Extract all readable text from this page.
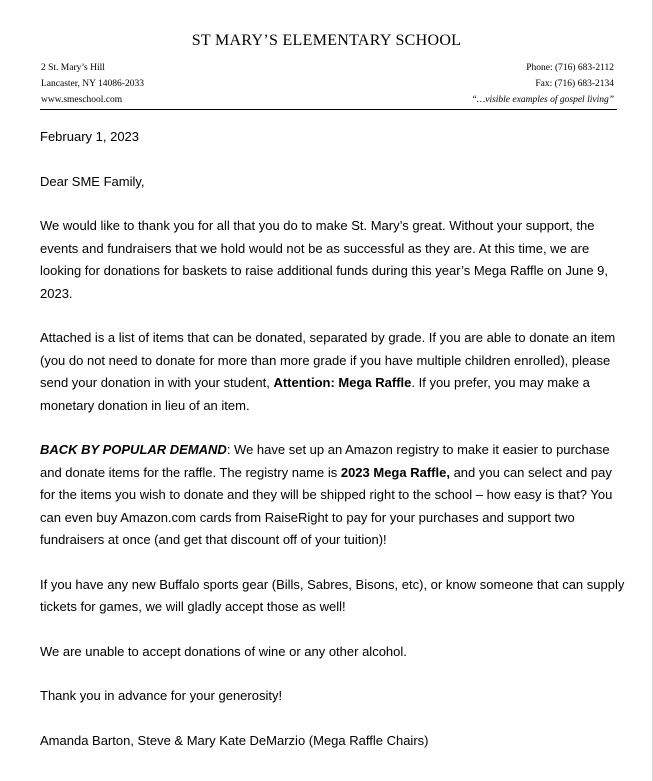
ST MARY’S ELEMENTARY SCHOOL
2 St. Mary’s Hill
Lancaster, NY 14086-2033
www.smeschool.com
Phone: (716) 683-2112
Fax: (716) 683-2134
“…visible examples of gospel living”

February 1, 2023

Dear SME Family,

We would like to thank you for all that you do to make St. Mary’s great. Without your support, the events and fundraisers that we hold would not be as successful as they are. At this time, we are looking for donations for baskets to raise additional funds during this year’s Mega Raffle on June 9, 2023.

Attached is a list of items that can be donated, separated by grade. If you are able to donate an item (you do not need to donate for more than more grade if you have multiple children enrolled), please send your donation in with your student, Attention: Mega Raffle. If you prefer, you may make a monetary donation in lieu of an item.

BACK BY POPULAR DEMAND: We have set up an Amazon registry to make it easier to purchase and donate items for the raffle. The registry name is 2023 Mega Raffle, and you can select and pay for the items you wish to donate and they will be shipped right to the school – how easy is that? You can even buy Amazon.com cards from RaiseRight to pay for your purchases and support two fundraisers at once (and get that discount off of your tuition)!

If you have any new Buffalo sports gear (Bills, Sabres, Bisons, etc), or know someone that can supply tickets for games, we will gladly accept those as well!

We are unable to accept donations of wine or any other alcohol.

Thank you in advance for your generosity!

Amanda Barton, Steve & Mary Kate DeMarzio (Mega Raffle Chairs)
